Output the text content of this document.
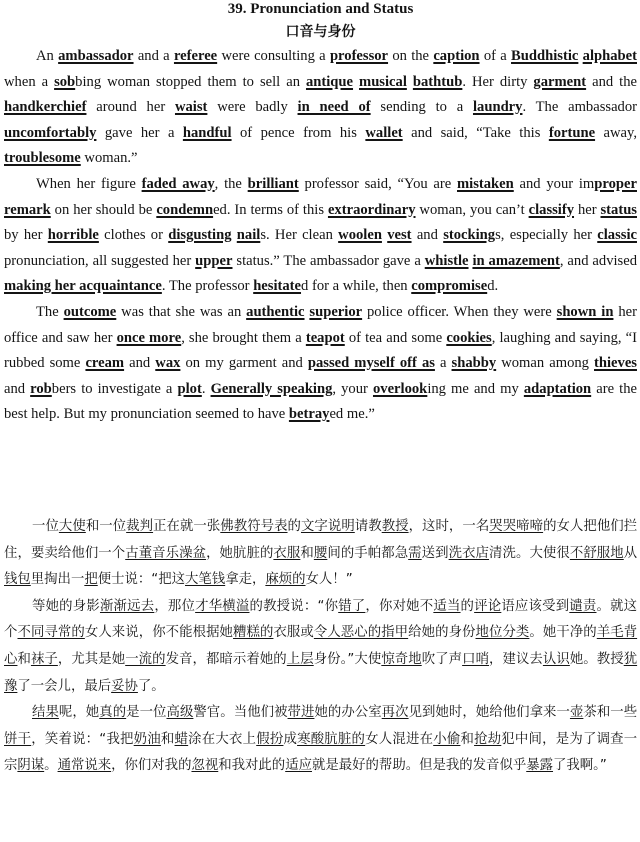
39. Pronunciation and Status
口音与身份

An ambassador and a referee were consulting a professor on the caption of a Buddhistic alphabet when a sobbing woman stopped them to sell an antique musical bathtub. Her dirty garment and the handkerchief around her waist were badly in need of sending to a laundry. The ambassador uncomfortably gave her a handful of pence from his wallet and said, “Take this fortune away, troublesome woman.”

When her figure faded away, the brilliant professor said, “You are mistaken and your improper remark on her should be condemned. In terms of this extraordinary woman, you can’t classify her status by her horrible clothes or disgusting nails. Her clean woolen vest and stockings, especially her classic pronunciation, all suggested her upper status.” The ambassador gave a whistle in amazement, and advised making her acquaintance. The professor hesitated for a while, then compromised.

The outcome was that she was an authentic superior police officer. When they were shown in her office and saw her once more, she brought them a teapot of tea and some cookies, laughing and saying, “I rubbed some cream and wax on my garment and passed myself off as a shabby woman among thieves and robbers to investigate a plot. Generally speaking, your overlooking me and my adaptation are the best help. But my pronunciation seemed to have betrayed me.”

一位大使和一位裁判正在就一张佛教符号表的文字说明请教教授，这时，一名哭哭啼啼的女人把他们拦住，要卖给他们一个古董音乐澡盆，她肮脏的衣服和腰间的手帕都急需送到洗衣店清洗。大使很不舒服地从钱包里掏出一把便士说：“把这大笔钱拿走，麻烦的女人！”

等她的身影渐渐远去，那位才华横溢的教授说：“你错了，你对她不适当的评论语应该受到谴责。就这个不同寻常的女人来说，你不能根据她糟糕的衣服或令人恶心的指甲给她的身份地位分类。她干净的羊毛背心和袜子，尤其是她一流的发音，都暗示着她的上层身份。”大使惊奇地吹了声口哨，建议去认识她。教授犹豫了一会儿，最后妥协了。

结果呢，她真的是一位高级警官。当他们被带进她的办公室再次见到她时，她给他们拿来一壶茶和一些饼干，笑着说：“我把奶油和蜡涂在大衣上假扮成寒酸肮脏的女人混进在小偷和抢劫犯中间，是为了调查一宗阴谋。通常说来，你们对我的忽视和我对此的适应就是最好的帮助。但是我的发音似乎暴露了我啊。”
